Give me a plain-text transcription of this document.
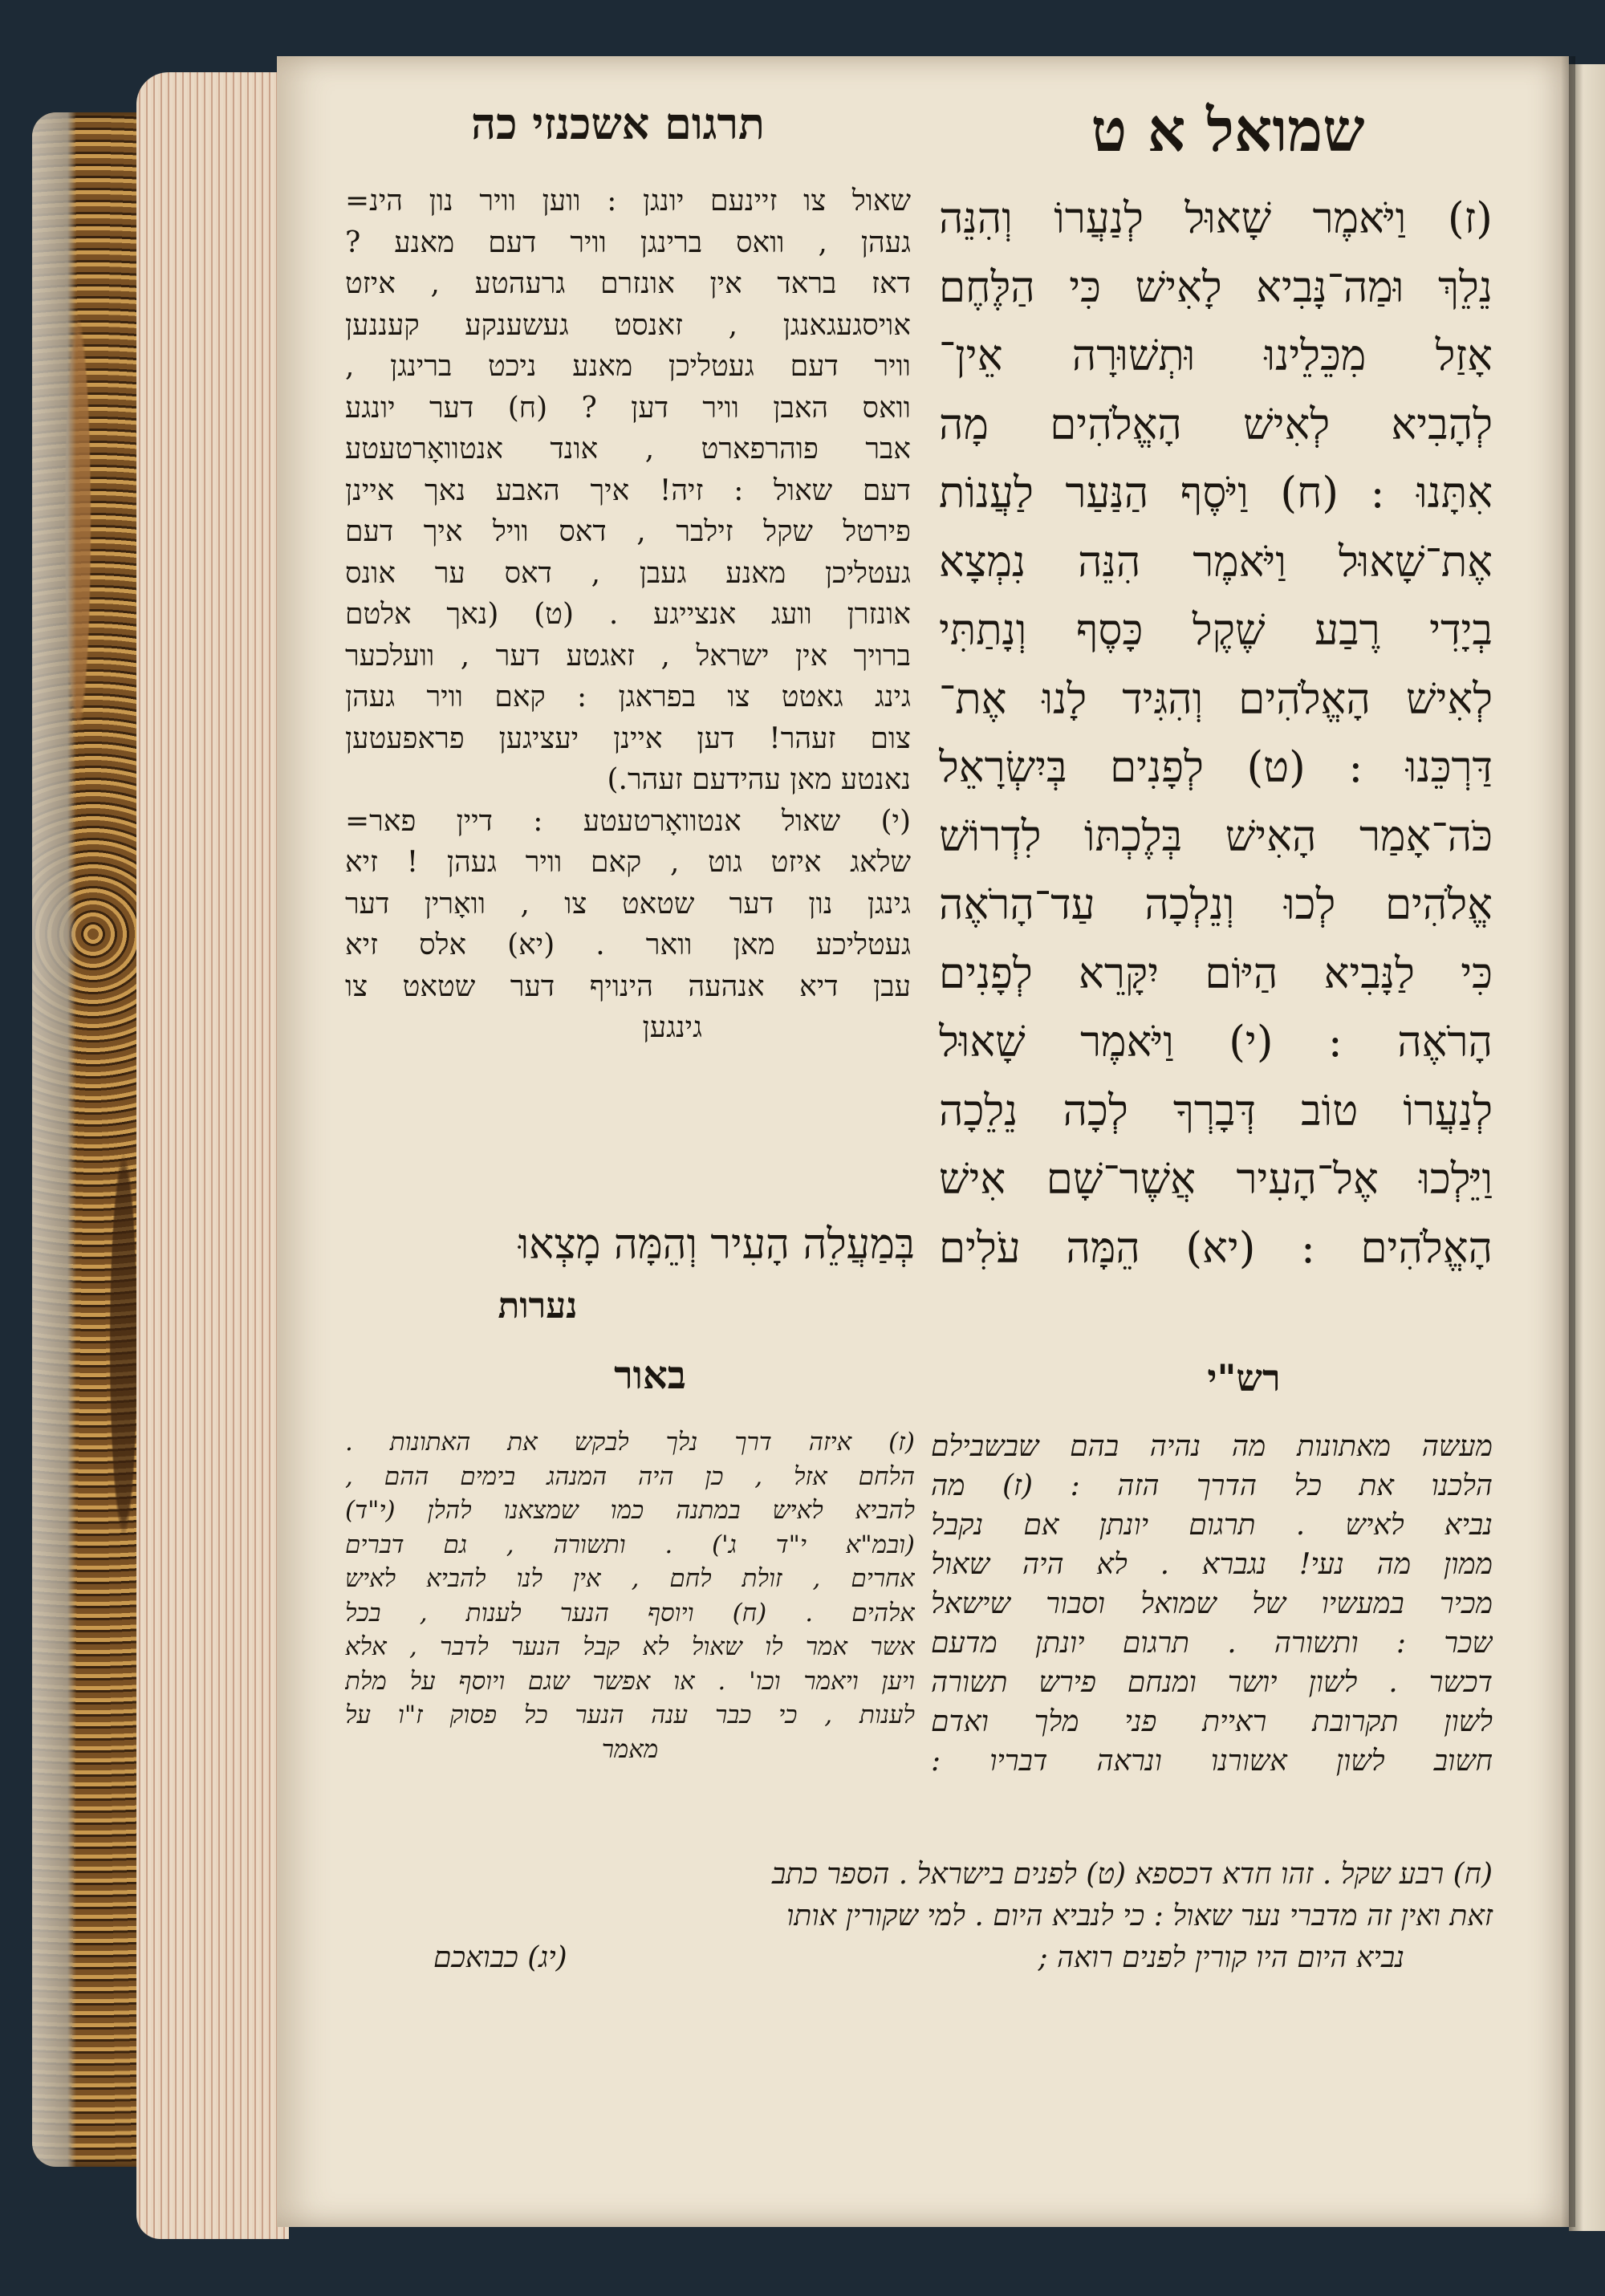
שמואל א ט
תרגום אשכנזי כה
(ז) וַיֹּאמֶר שָׁאוּל לְנַעֲרוֹ וְהִנֵּה
נֵלֵךְ וּמַה־נָּבִיא לָאִישׁ כִּי הַלֶּחֶם
אָזַל מִכֵּלֵינוּ וּתְשׁוּרָה אֵין־
לְהָבִיא לְאִישׁ הָאֱלֹהִים מָה
אִתָּנוּ : (ח) וַיֹּסֶף הַנַּעַר לַעֲנוֹת
אֶת־שָׁאוּל וַיֹּאמֶר הִנֵּה נִמְצָא
בְיָדִי רֶבַע שֶׁקֶל כָּסֶף וְנָתַתִּי
לְאִישׁ הָאֱלֹהִים וְהִגִּיד לָנוּ אֶת־
דַּרְכֵּנוּ : (ט) לְפָנִים בְּיִשְׂרָאֵל
כֹּה־אָמַר הָאִישׁ בְּלֶכְתּוֹ לִדְרוֹשׁ
אֱלֹהִים לְכוּ וְנֵלְכָה עַד־הָרֹאֶה
כִּי לַנָּבִיא הַיּוֹם יִקָּרֵא לְפָנִים
הָרֹאֶה : (י) וַיֹּאמֶר שָׁאוּל
לְנַעֲרוֹ טוֹב דְּבָרְךָ לְכָה נֵלֵכָה
וַיֵּלְכוּ אֶל־הָעִיר אֲשֶׁר־שָׁם אִישׁ
הָאֱלֹהִים : (יא) הֵמָּה עֹלִים
שאול צו זיינעם יונגן : ווען וויר נון הינ=
געהן , וואס ברינגן וויר דעם מאנע ?
דאז בראד אין אונזרם גרעהטע , איזט
אויסגעגאנגן , זאנסט געשענקע קעננען
וויר דעם געטליכן מאנע ניכט ברינגן ,
וואס האבן וויר דען ? (ח) דער יונגע
אבר פוהרפארט , אונד אנטוואָרטעטע
דעם שאול : זיה! איך האבע נאך איינן
פירטל שקל זילבר , דאס וויל איך דעם
געטליכן מאנע געבן , דאס ער אונס
אונזרן וועג אנצייגע . (ט) (נאך אלטם
ברויך אין ישראל , זאגטע דער , וועלכער
גינג גאטט צו בפראגן : קאם וויר געהן
צום זעהר! דען איינן יעציגען פראפעטען
נאנטע מאן עהידעם זעהר.)
(י) שאול אנטוואָרטעטע : דיין פאר=
שלאג איזט גוט , קאם וויר געהן ! זיא
גינגן נון דער שטאט צו , וואָרין דער
געטליכע מאן וואר . (יא) אלס זיא
עבן דיא אנהעה הינויף דער שטאט צו
גינגען
בְּמַעֲלֵה הָעִיר וְהֵמָּה מָצְאוּ
נערות
רש"י
באור
מעשה מאתונות מה נהיה בהם שבשבילם
הלכנו את כל הדרך הזה : (ז) מה
נביא לאיש . תרגום יונתן אם נקבל
ממון מה נעי! נגברא . לא היה שאול
מכיר במעשיו של שמואל וסבור שישאל
שכר : ותשורה . תרגום יונתן מדעם
דכשר . לשון יושר ומנחם פירש תשורה
לשון תקרובת ראיית פני מלך ואדם
חשוב לשון אשורנו ונראה דבריו :
(ז) איזה דרך נלך לבקש את האתונות .
הלחם אזל , כן היה המנהג בימים ההם ,
להביא לאיש במתנה כמו שמצאנו להלן (י"ד)
(ובמ"א י"ד ג') . ותשורה , גם דברים
אחרים , זולת לחם , אין לנו להביא לאיש
אלהים . (ח) ויוסף הנער לענות , בכל
אשר אמר לו שאול לא קבל הנער לדבר , אלא
ויען ויאמר וכו' . או אפשר שגם ויוסף על מלת
לענות , כי כבר ענה הנער כל פסוק ז"ו על
מאמר
(ח) רבע שקל . זהו חדא דכספא (ט) לפנים בישראל . הספר כתב
זאת ואין זה מדברי נער שאול : כי לנביא היום . למי שקורין אותו
נביא היום היו קורין לפנים רואה ;
(יג) כבואכם
